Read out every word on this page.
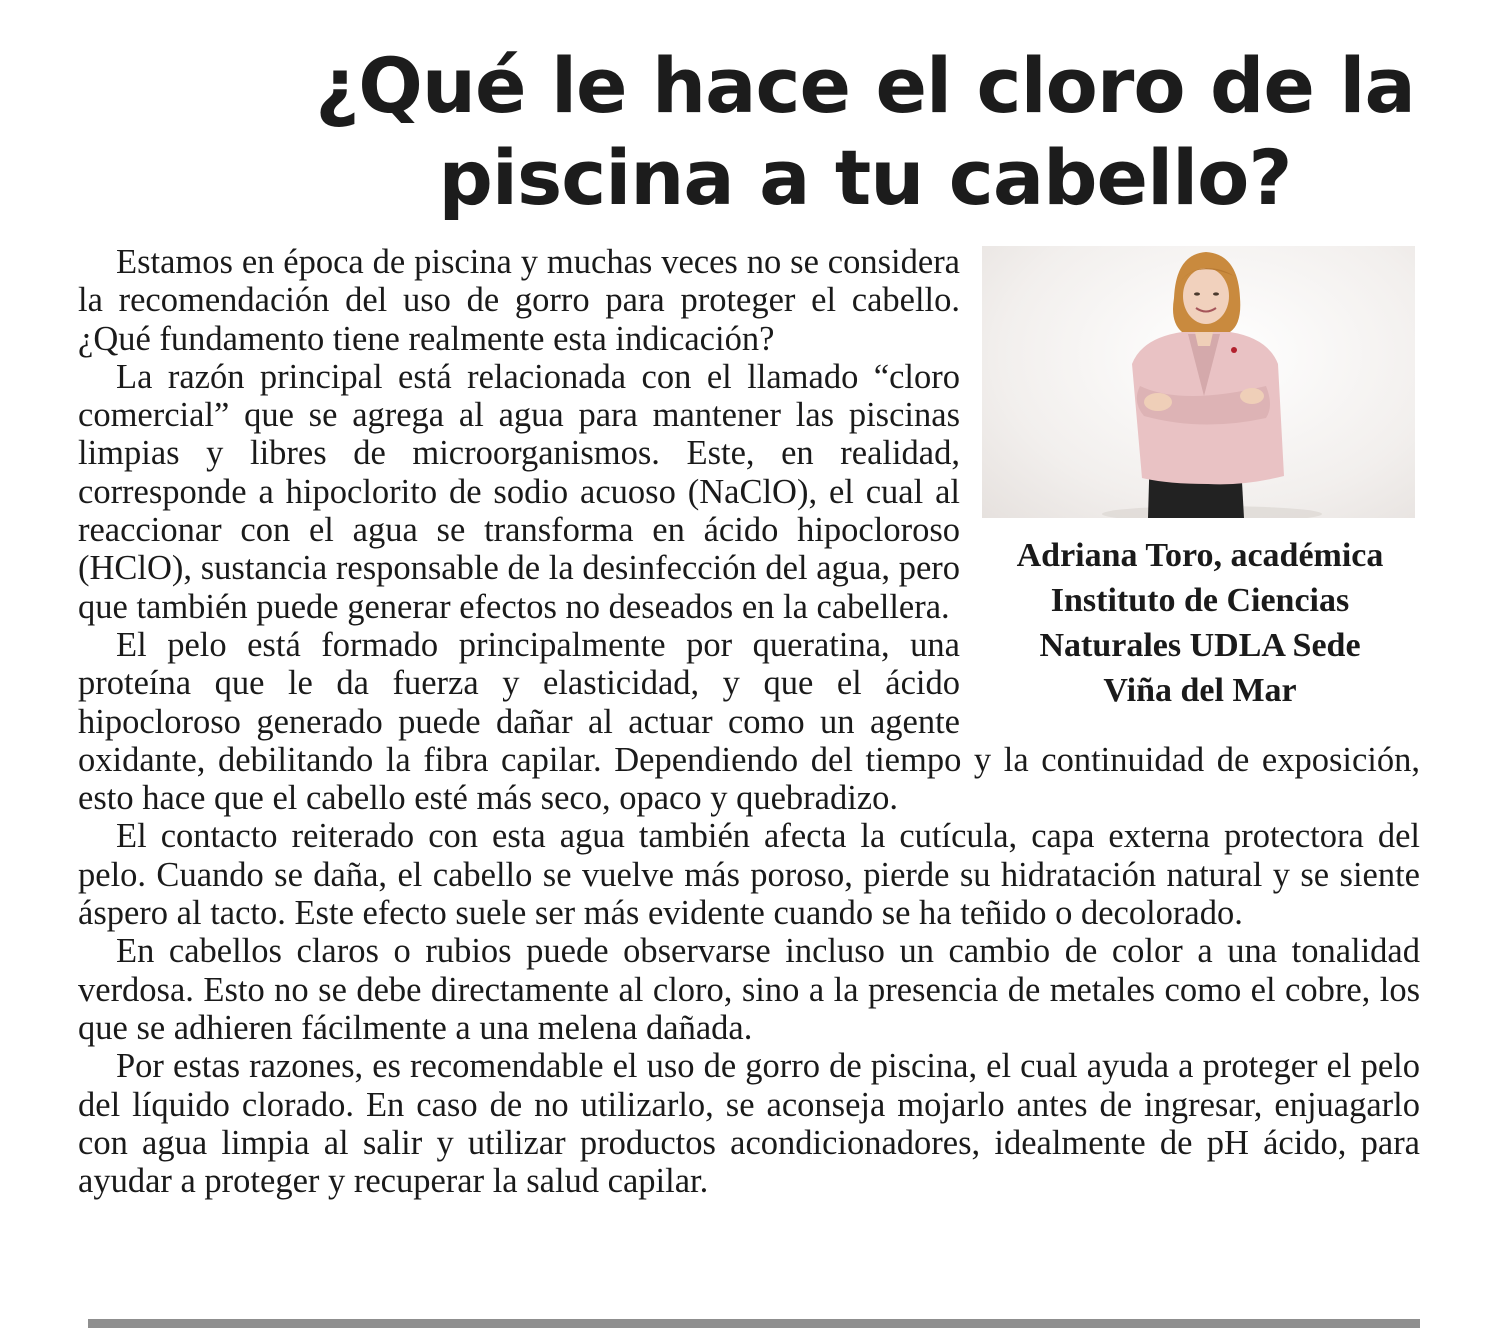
¿Qué le hace el cloro de la
piscina a tu cabello?
Adriana Toro, académica
Instituto de Ciencias
Naturales UDLA Sede
Viña del Mar

Estamos en época de piscina y muchas veces no se considera la recomendación del uso de gorro para proteger el cabello. ¿Qué fundamento tiene realmente esta indicación?

La razón principal está relacionada con el llamado “cloro comercial” que se agrega al agua para mantener las piscinas limpias y libres de microorganismos. Este, en realidad, corresponde a hipoclorito de sodio acuoso (NaClO), el cual al reaccionar con el agua se transforma en ácido hipocloroso (HClO), sustancia responsable de la desinfección del agua, pero que también puede generar efectos no deseados en la cabellera.

El pelo está formado principalmente por queratina, una proteína que le da fuerza y elasticidad, y que el ácido hipocloroso generado puede dañar al actuar como un agente oxidante, debilitando la fibra capilar. Dependiendo del tiempo y la continuidad de exposición, esto hace que el cabello esté más seco, opaco y quebradizo.

El contacto reiterado con esta agua también afecta la cutícula, capa externa protectora del pelo. Cuando se daña, el cabello se vuelve más poroso, pierde su hidratación natural y se siente áspero al tacto. Este efecto suele ser más evidente cuando se ha teñido o decolorado.

En cabellos claros o rubios puede observarse incluso un cambio de color a una tonalidad verdosa. Esto no se debe directamente al cloro, sino a la presencia de metales como el cobre, los que se adhieren fácilmente a una melena dañada.

Por estas razones, es recomendable el uso de gorro de piscina, el cual ayuda a proteger el pelo del líquido clorado. En caso de no utilizarlo, se aconseja mojarlo antes de ingresar, enjuagarlo con agua limpia al salir y utilizar productos acondicionadores, idealmente de pH ácido, para ayudar a proteger y recuperar la salud capilar.
